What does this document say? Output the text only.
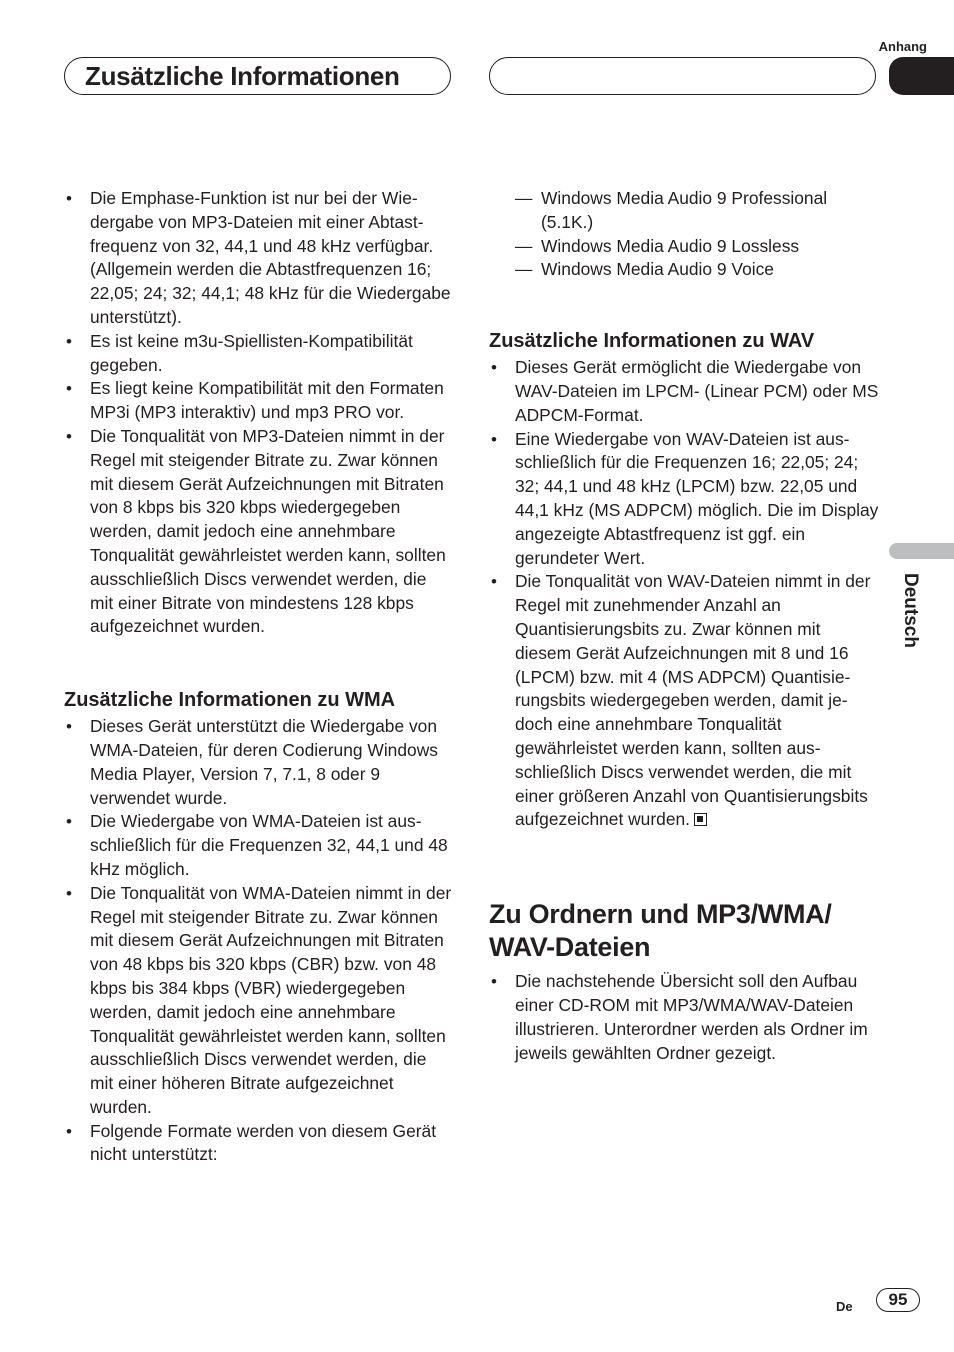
Anhang
Zusätzliche Informationen
Deutsch
• Die Emphase-Funktion ist nur bei der Wiedergabe von MP3-Dateien mit einer Abtastfrequenz von 32, 44,1 und 48 kHz verfügbar. (Allgemein werden die Abtastfrequenzen 16; 22,05; 24; 32; 44,1; 48 kHz für die Wiedergabe unterstützt).
• Es ist keine m3u-Spiellisten-Kompatibilität gegeben.
• Es liegt keine Kompatibilität mit den Formaten MP3i (MP3 interaktiv) und mp3 PRO vor.
• Die Tonqualität von MP3-Dateien nimmt in der Regel mit steigender Bitrate zu. Zwar können mit diesem Gerät Aufzeichnungen mit Bitraten von 8 kbps bis 320 kbps wiedergegeben werden, damit jedoch eine annehmbare Tonqualität gewährleistet werden kann, sollten ausschließlich Discs verwendet werden, die mit einer Bitrate von mindestens 128 kbps aufgezeichnet wurden.
Zusätzliche Informationen zu WMA
• Dieses Gerät unterstützt die Wiedergabe von WMA-Dateien, für deren Codierung Windows Media Player, Version 7, 7.1, 8 oder 9 verwendet wurde.
• Die Wiedergabe von WMA-Dateien ist ausschließlich für die Frequenzen 32, 44,1 und 48 kHz möglich.
• Die Tonqualität von WMA-Dateien nimmt in der Regel mit steigender Bitrate zu. Zwar können mit diesem Gerät Aufzeichnungen mit Bitraten von 48 kbps bis 320 kbps (CBR) bzw. von 48 kbps bis 384 kbps (VBR) wiedergegeben werden, damit jedoch eine annehmbare Tonqualität gewährleistet werden kann, sollten ausschließlich Discs verwendet werden, die mit einer höheren Bitrate aufgezeichnet wurden.
• Folgende Formate werden von diesem Gerät nicht unterstützt:
— Windows Media Audio 9 Professional (5.1K.)
— Windows Media Audio 9 Lossless
— Windows Media Audio 9 Voice
Zusätzliche Informationen zu WAV
• Dieses Gerät ermöglicht die Wiedergabe von WAV-Dateien im LPCM- (Linear PCM) oder MS ADPCM-Format.
• Eine Wiedergabe von WAV-Dateien ist ausschließlich für die Frequenzen 16; 22,05; 24; 32; 44,1 und 48 kHz (LPCM) bzw. 22,05 und 44,1 kHz (MS ADPCM) möglich. Die im Display angezeigte Abtastfrequenz ist ggf. ein gerundeter Wert.
• Die Tonqualität von WAV-Dateien nimmt in der Regel mit zunehmender Anzahl an Quantisierungsbits zu. Zwar können mit diesem Gerät Aufzeichnungen mit 8 und 16 (LPCM) bzw. mit 4 (MS ADPCM) Quantisierungsbits wiedergegeben werden, damit jedoch eine annehmbare Tonqualität gewährleistet werden kann, sollten ausschließlich Discs verwendet werden, die mit einer größeren Anzahl von Quantisierungsbits aufgezeichnet wurden.
Zu Ordnern und MP3/WMA/ WAV-Dateien
• Die nachstehende Übersicht soll den Aufbau einer CD-ROM mit MP3/WMA/WAV-Dateien illustrieren. Unterordner werden als Ordner im jeweils gewählten Ordner gezeigt.
De	95
